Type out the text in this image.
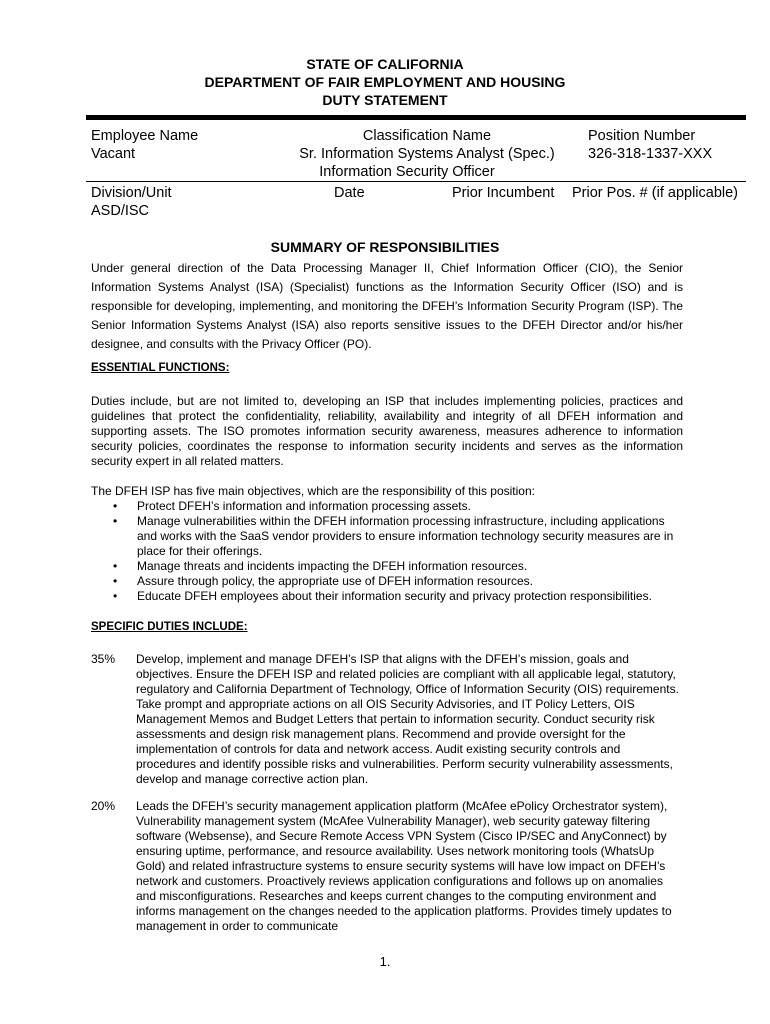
STATE OF CALIFORNIA
DEPARTMENT OF FAIR EMPLOYMENT AND HOUSING
DUTY STATEMENT
Employee Name
Vacant
Classification Name
Sr. Information Systems Analyst (Spec.)
Information Security Officer
Position Number
326-318-1337-XXX
Division/Unit
ASD/ISC
Date	Prior Incumbent Prior Pos. # (if applicable)
SUMMARY OF RESPONSIBILITIES
Under general direction of the Data Processing Manager II, Chief Information Officer (CIO), the Senior Information Systems Analyst (ISA) (Specialist) functions as the Information Security Officer (ISO) and is responsible for developing, implementing, and monitoring the DFEH’s Information Security Program (ISP). The Senior Information Systems Analyst (ISA) also reports sensitive issues to the DFEH Director and/or his/her designee, and consults with the Privacy Officer (PO).
ESSENTIAL FUNCTIONS:
Duties include, but are not limited to, developing an ISP that includes implementing policies, practices and guidelines that protect the confidentiality, reliability, availability and integrity of all DFEH information and supporting assets. The ISO promotes information security awareness, measures adherence to information security policies, coordinates the response to information security incidents and serves as the information security expert in all related matters.
The DFEH ISP has five main objectives, which are the responsibility of this position:
• Protect DFEH’s information and information processing assets.
• Manage vulnerabilities within the DFEH information processing infrastructure, including applications and works with the SaaS vendor providers to ensure information technology security measures are in place for their offerings.
• Manage threats and incidents impacting the DFEH information resources.
• Assure through policy, the appropriate use of DFEH information resources.
• Educate DFEH employees about their information security and privacy protection responsibilities.
SPECIFIC DUTIES INCLUDE:
35% Develop, implement and manage DFEH’s ISP that aligns with the DFEH’s mission, goals and objectives. Ensure the DFEH ISP and related policies are compliant with all applicable legal, statutory, regulatory and California Department of Technology, Office of Information Security (OIS) requirements. Take prompt and appropriate actions on all OIS Security Advisories, and IT Policy Letters, OIS Management Memos and Budget Letters that pertain to information security. Conduct security risk assessments and design risk management plans. Recommend and provide oversight for the implementation of controls for data and network access. Audit existing security controls and procedures and identify possible risks and vulnerabilities. Perform security vulnerability assessments, develop and manage corrective action plan.
20% Leads the DFEH’s security management application platform (McAfee ePolicy Orchestrator system), Vulnerability management system (McAfee Vulnerability Manager), web security gateway filtering software (Websense), and Secure Remote Access VPN System (Cisco IP/SEC and AnyConnect) by ensuring uptime, performance, and resource availability. Uses network monitoring tools (WhatsUp Gold) and related infrastructure systems to ensure security systems will have low impact on DFEH’s network and customers. Proactively reviews application configurations and follows up on anomalies and misconfigurations. Researches and keeps current changes to the computing environment and informs management on the changes needed to the application platforms. Provides timely updates to management in order to communicate
1.
